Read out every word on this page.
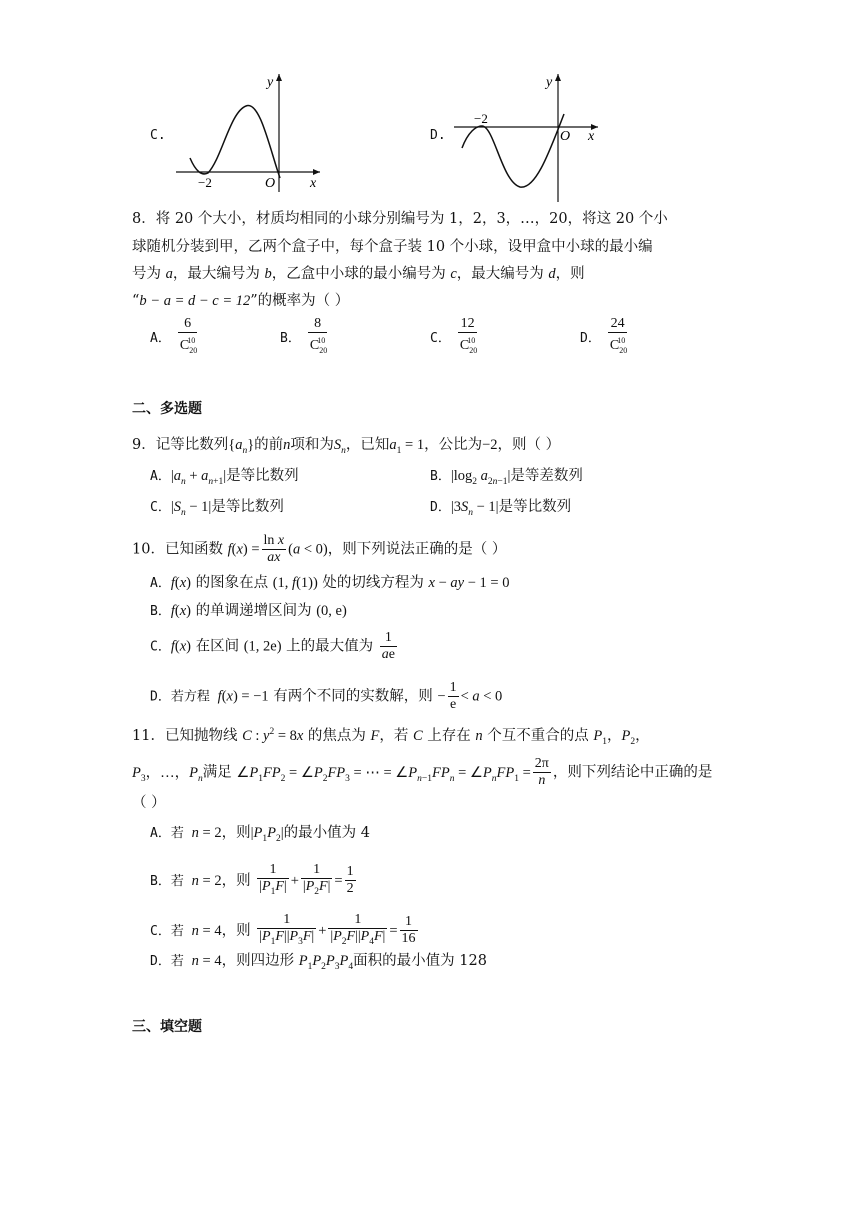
C.
−2	O x
y
D.
−2
O x
y
8．将 20 个大小，材质均相同的小球分别编号为 1，2，3，…，20，将这 20 个小
球随机分装到甲，乙两个盒子中，每个盒子装 10 个小球，设甲盒中小球的最小编
号为 a，最大编号为 b，乙盒中小球的最小编号为 c，最大编号为 d，则
“b − a = d − c = 12”的概率为（ ）
A． $\frac{6}{C_{20}^{10}}$	B． $\frac{8}{C_{20}^{10}}$	C． $\frac{12}{C_{20}^{10}}$	D． $\frac{24}{C_{20}^{10}}$
二、多选题
9．记等比数列$\{a_n\}$的前n项和为$S_n$，已知$a_1 = 1$，公比为−2，则（ ）
A．$|a_n + a_{n+1}|$是等比数列	B．$|\log_2$ $a_{2n-1}|$是等差数列
C．$|S_n - 1|$是等比数列	D．$|3S_n - 1|$是等比数列
10．已知函数 $f(x) = \frac{\text{ln x}}{ax} (a < 0)$，则下列说法正确的是（ ）
A．f(x) 的图象在点 (1, f(1)) 处的切线方程为 x − ay − 1 = 0
B．f(x) 的单调递增区间为 (0, e)
C．f(x) 在区间 (1, 2e) 上的最大值为 $\frac{1}{ae}$
D．若方程 f(x) = −1 有两个不同的实数解，则 − $\frac{1}{e} < a < 0$
11．已知抛物线 C : $y^2 = 8x$ 的焦点为 F，若 C 上存在 n 个互不重合的点 $P_1$，$P_2$，
$P_3$，…，$P_n$满足 $\angle P_1FP_2$ = $\angle P_2FP_3$ = ⋯ = $\angle P_{n-1}FP_n$ = $\angle P_nFP_1 = \frac{2\pi}{n}$ ，则下列结论中正确的是
（ ）
A．若 n = 2，则$|P_1P_2|$的最小值为 4
B．若 n = 2，则 $\frac{1}{|P_1F|} + \frac{1}{|P_2F|} = \frac{1}{2}$
C．若 n = 4，则 $\frac{1}{|P_1F||P_3F|} + \frac{1}{|P_2F||P_4F|} = \frac{1}{16}$
D．若 n = 4，则四边形 $P_1P_2P_3P_4$面积的最小值为 128
三、填空题
